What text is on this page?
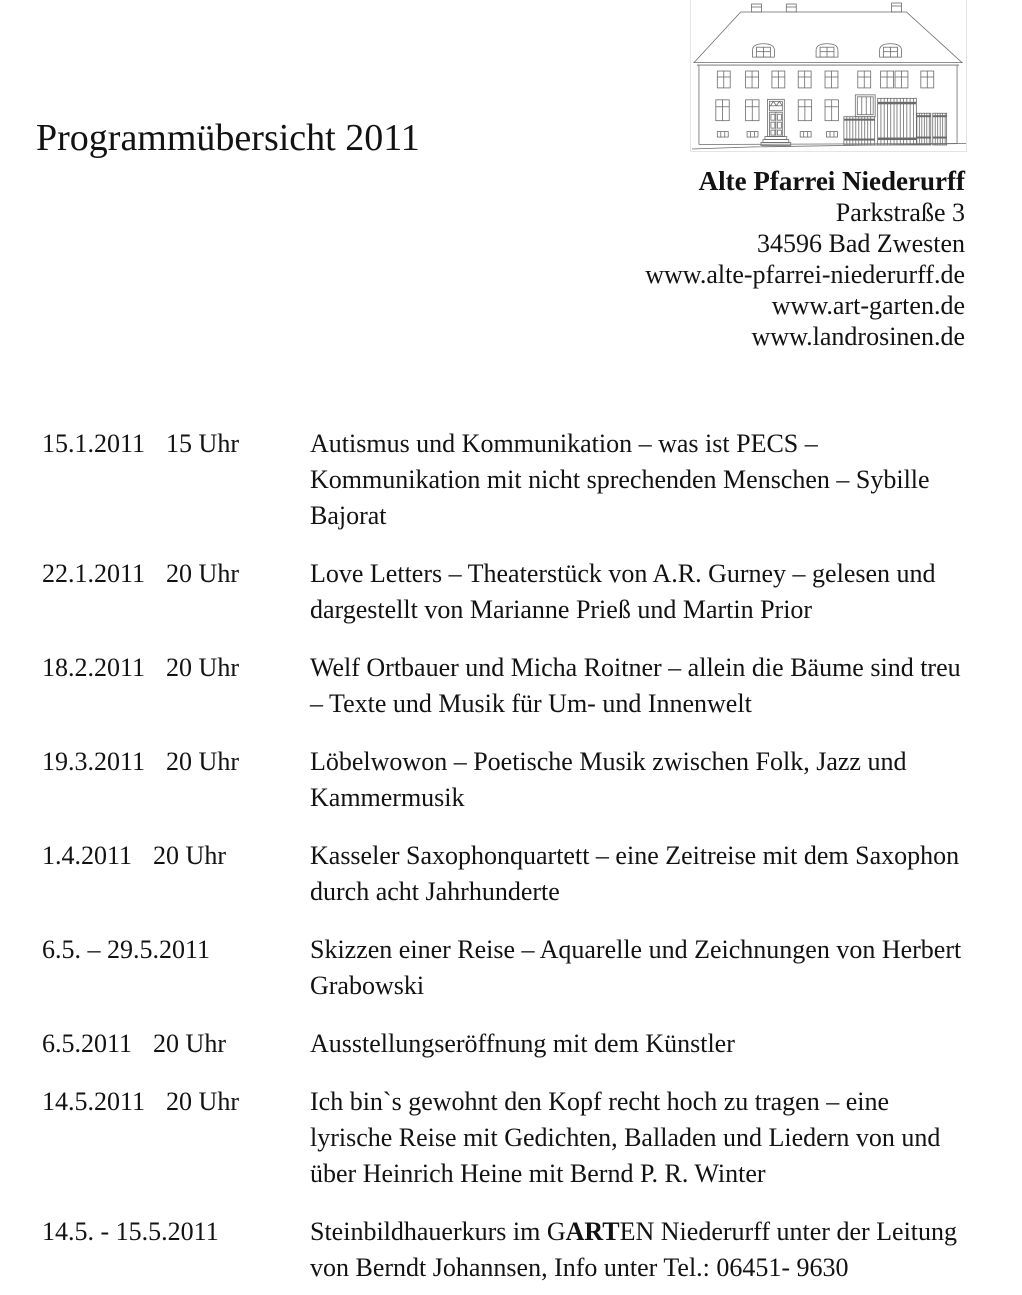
Programmübersicht 2011
Alte Pfarrei Niederurff
Parkstraße 3
34596 Bad Zwesten
www.alte-pfarrei-niederurff.de
www.art-garten.de
www.landrosinen.de
15.1.2011 15 Uhr	Autismus und Kommunikation – was ist PECS – Kommunikation mit nicht sprechenden Menschen – Sybille Bajorat
22.1.2011 20 Uhr	Love Letters – Theaterstück von A.R. Gurney – gelesen und dargestellt von Marianne Prieß und Martin Prior
18.2.2011 20 Uhr	Welf Ortbauer und Micha Roitner – allein die Bäume sind treu – Texte und Musik für Um- und Innenwelt
19.3.2011 20 Uhr	Löbelwowon – Poetische Musik zwischen Folk, Jazz und Kammermusik
1.4.2011 20 Uhr	Kasseler Saxophonquartett – eine Zeitreise mit dem Saxophon durch acht Jahrhunderte
6.5. – 29.5.2011	Skizzen einer Reise – Aquarelle und Zeichnungen von Herbert Grabowski
6.5.2011 20 Uhr	Ausstellungseröffnung mit dem Künstler
14.5.2011 20 Uhr	Ich bin`s gewohnt den Kopf recht hoch zu tragen – eine lyrische Reise mit Gedichten, Balladen und Liedern von und über Heinrich Heine mit Bernd P. R. Winter
14.5. - 15.5.2011	Steinbildhauerkurs im GARTEN Niederurff unter der Leitung von Berndt Johannsen, Info unter Tel.: 06451- 9630
